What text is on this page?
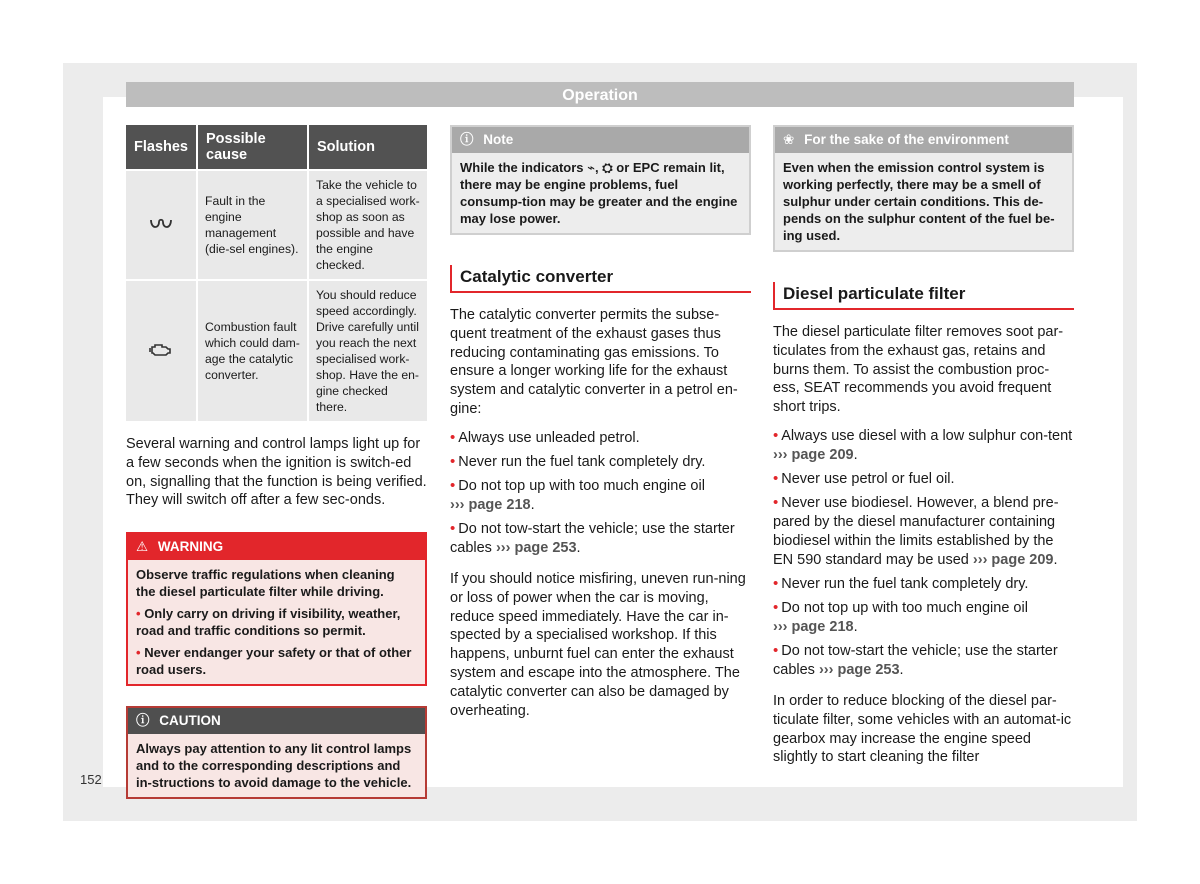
Operation
152
Flashes	Possible cause	Solution
	Fault in the engine management (die-sel engines).	Take the vehicle to a specialised work-shop as soon as possible and have the engine checked.
	Combustion fault which could dam-age the catalytic converter.	You should reduce speed accordingly. Drive carefully until you reach the next specialised work-shop. Have the en-gine checked there.

Several warning and control lamps light up for a few seconds when the ignition is switch-ed on, signalling that the function is being verified. They will switch off after a few sec-onds.

⚠ WARNING
Observe traffic regulations when cleaning the diesel particulate filter while driving.
• Only carry on driving if visibility, weather, road and traffic conditions so permit.
• Never endanger your safety or that of other road users.
ⓘ CAUTION
Always pay attention to any lit control lamps and to the corresponding descriptions and in-structions to avoid damage to the vehicle.
ⓘ Note
While the indicators ⌁, ⛭ or EPC remain lit, there may be engine problems, fuel consump-tion may be greater and the engine may lose power.
Catalytic converter

The catalytic converter permits the subse-quent treatment of the exhaust gases thus reducing contaminating gas emissions. To ensure a longer working life for the exhaust system and catalytic converter in a petrol en-gine:

• Always use unleaded petrol.
• Never run the fuel tank completely dry.
• Do not top up with too much engine oil
››› page 218.
• Do not tow-start the vehicle; use the starter cables ››› page 253.

If you should notice misfiring, uneven run-ning or loss of power when the car is moving, reduce speed immediately. Have the car in-spected by a specialised workshop. If this happens, unburnt fuel can enter the exhaust system and escape into the atmosphere. The catalytic converter can also be damaged by overheating.

❀ For the sake of the environment
Even when the emission control system is working perfectly, there may be a smell of sulphur under certain conditions. This de-pends on the sulphur content of the fuel be-ing used.
Diesel particulate filter

The diesel particulate filter removes soot par-ticulates from the exhaust gas, retains and burns them. To assist the combustion proc-ess, SEAT recommends you avoid frequent short trips.

• Always use diesel with a low sulphur con-tent ››› page 209.
• Never use petrol or fuel oil.
• Never use biodiesel. However, a blend pre-pared by the diesel manufacturer containing biodiesel within the limits established by the EN 590 standard may be used ››› page 209.
• Never run the fuel tank completely dry.
• Do not top up with too much engine oil
››› page 218.
• Do not tow-start the vehicle; use the starter cables ››› page 253.

In order to reduce blocking of the diesel par-ticulate filter, some vehicles with an automat-ic gearbox may increase the engine speed slightly to start cleaning the filter
